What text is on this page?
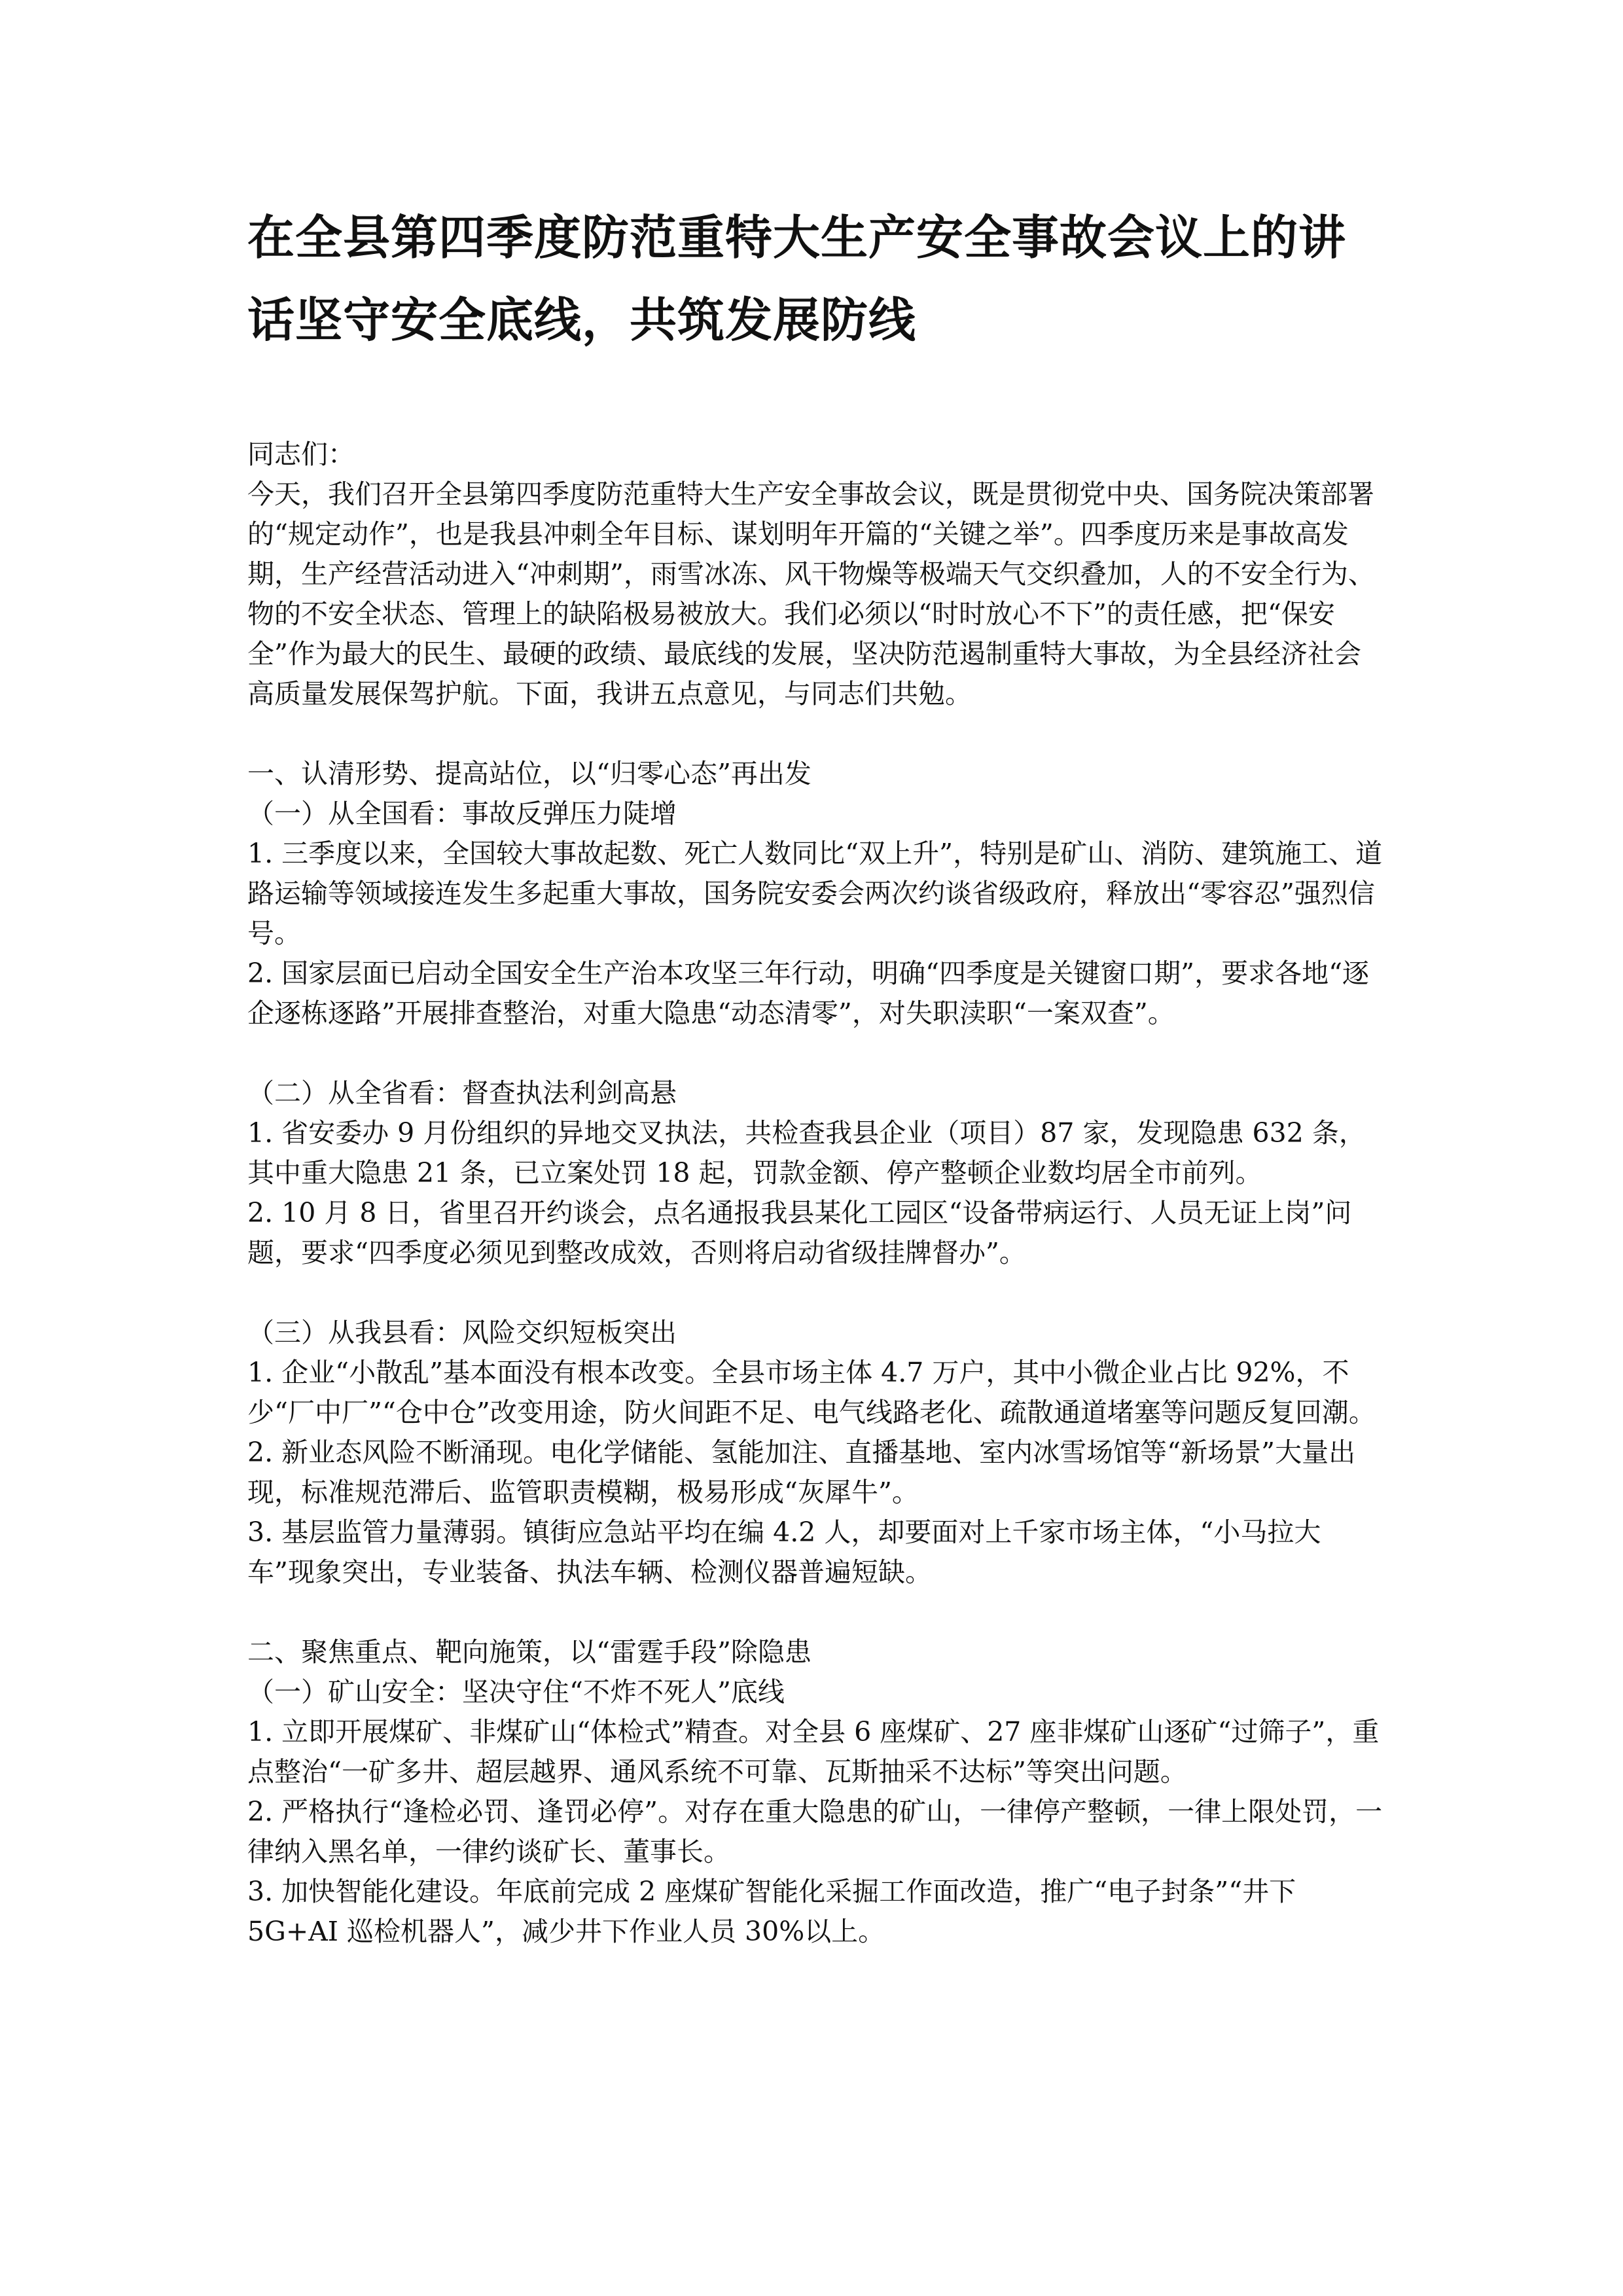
在全县第四季度防范重特大生产安全事故会议上的讲话坚守安全底线，共筑发展防线

同志们：

今天，我们召开全县第四季度防范重特大生产安全事故会议，既是贯彻党中央、国务院决策部署的“规定动作”，也是我县冲刺全年目标、谋划明年开篇的“关键之举”。四季度历来是事故高发期，生产经营活动进入“冲刺期”，雨雪冰冻、风干物燥等极端天气交织叠加，人的不安全行为、物的不安全状态、管理上的缺陷极易被放大。我们必须以“时时放心不下”的责任感，把“保安全”作为最大的民生、最硬的政绩、最底线的发展，坚决防范遏制重特大事故，为全县经济社会高质量发展保驾护航。下面，我讲五点意见，与同志们共勉。

一、认清形势、提高站位，以“归零心态”再出发

（一）从全国看：事故反弹压力陡增

1. 三季度以来，全国较大事故起数、死亡人数同比“双上升”，特别是矿山、消防、建筑施工、道路运输等领域接连发生多起重大事故，国务院安委会两次约谈省级政府，释放出“零容忍”强烈信号。

2. 国家层面已启动全国安全生产治本攻坚三年行动，明确“四季度是关键窗口期”，要求各地“逐企逐栋逐路”开展排查整治，对重大隐患“动态清零”，对失职渎职“一案双查”。

（二）从全省看：督查执法利剑高悬

1. 省安委办 9 月份组织的异地交叉执法，共检查我县企业（项目）87 家，发现隐患 632 条，其中重大隐患 21 条，已立案处罚 18 起，罚款金额、停产整顿企业数均居全市前列。

2. 10 月 8 日，省里召开约谈会，点名通报我县某化工园区“设备带病运行、人员无证上岗”问题，要求“四季度必须见到整改成效，否则将启动省级挂牌督办”。

（三）从我县看：风险交织短板突出

1. 企业“小散乱”基本面没有根本改变。全县市场主体 4.7 万户，其中小微企业占比 92%，不少“厂中厂”“仓中仓”改变用途，防火间距不足、电气线路老化、疏散通道堵塞等问题反复回潮。

2. 新业态风险不断涌现。电化学储能、氢能加注、直播基地、室内冰雪场馆等“新场景”大量出现，标准规范滞后、监管职责模糊，极易形成“灰犀牛”。

3. 基层监管力量薄弱。镇街应急站平均在编 4.2 人，却要面对上千家市场主体，“小马拉大车”现象突出，专业装备、执法车辆、检测仪器普遍短缺。

二、聚焦重点、靶向施策，以“雷霆手段”除隐患

（一）矿山安全：坚决守住“不炸不死人”底线

1. 立即开展煤矿、非煤矿山“体检式”精查。对全县 6 座煤矿、27 座非煤矿山逐矿“过筛子”，重点整治“一矿多井、超层越界、通风系统不可靠、瓦斯抽采不达标”等突出问题。

2. 严格执行“逢检必罚、逢罚必停”。对存在重大隐患的矿山，一律停产整顿，一律上限处罚，一律纳入黑名单，一律约谈矿长、董事长。

3. 加快智能化建设。年底前完成 2 座煤矿智能化采掘工作面改造，推广“电子封条”“井下 5G+AI 巡检机器人”，减少井下作业人员 30%以上。
